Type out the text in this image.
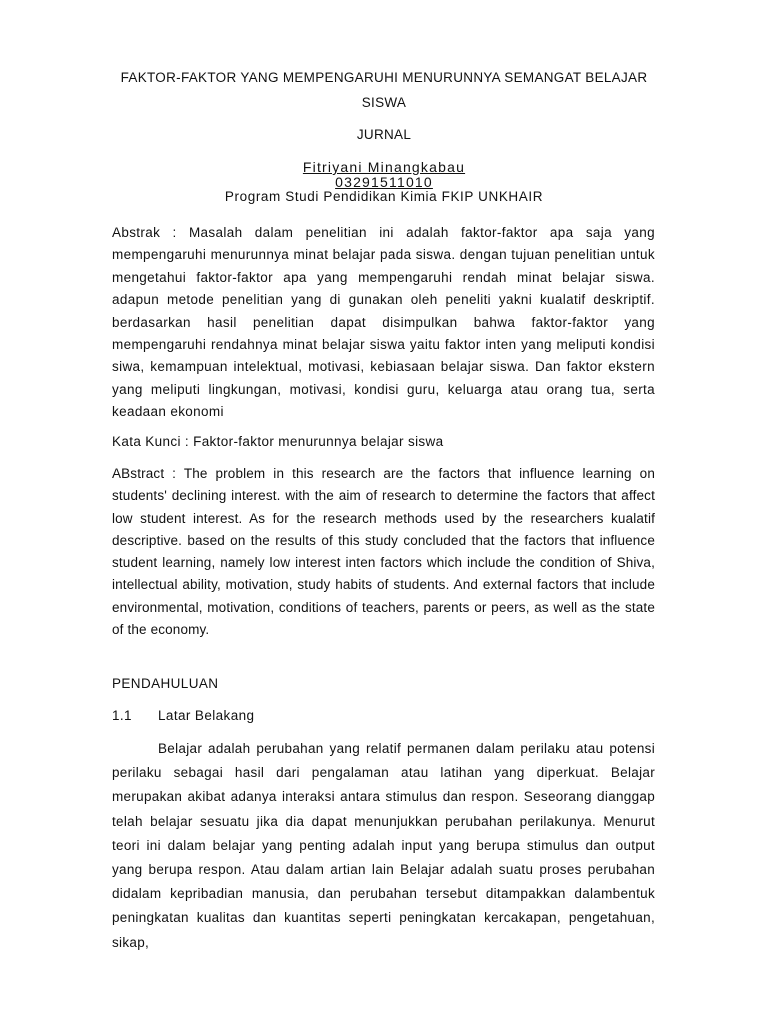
FAKTOR-FAKTOR YANG MEMPENGARUHI MENURUNNYA SEMANGAT BELAJAR
SISWA
JURNAL
Fitriyani Minangkabau
03291511010
Program Studi Pendidikan Kimia FKIP UNKHAIR

Abstrak : Masalah dalam penelitian ini adalah faktor-faktor apa saja yang mempengaruhi menurunnya minat belajar pada siswa. dengan tujuan penelitian untuk mengetahui faktor-faktor apa yang mempengaruhi rendah minat belajar siswa. adapun metode penelitian yang di gunakan oleh peneliti yakni kualatif deskriptif. berdasarkan hasil penelitian dapat disimpulkan bahwa faktor-faktor yang mempengaruhi rendahnya minat belajar siswa yaitu faktor inten yang meliputi kondisi siwa, kemampuan intelektual, motivasi, kebiasaan belajar siswa. Dan faktor ekstern yang meliputi lingkungan, motivasi, kondisi guru, keluarga atau orang tua, serta keadaan ekonomi

Kata Kunci : Faktor-faktor menurunnya belajar siswa

ABstract : The problem in this research are the factors that influence learning on students' declining interest. with the aim of research to determine the factors that affect low student interest. As for the research methods used by the researchers kualatif descriptive. based on the results of this study concluded that the factors that influence student learning, namely low interest inten factors which include the condition of Shiva, intellectual ability, motivation, study habits of students. And external factors that include environmental, motivation, conditions of teachers, parents or peers, as well as the state of the economy.

PENDAHULUAN
1.1 Latar Belakang

Belajar adalah perubahan yang relatif permanen dalam perilaku atau potensi perilaku sebagai hasil dari pengalaman atau latihan yang diperkuat. Belajar merupakan akibat adanya interaksi antara stimulus dan respon. Seseorang dianggap telah belajar sesuatu jika dia dapat menunjukkan perubahan perilakunya. Menurut teori ini dalam belajar yang penting adalah input yang berupa stimulus dan output yang berupa respon. Atau dalam artian lain Belajar adalah suatu proses perubahan didalam kepribadian manusia, dan perubahan tersebut ditampakkan dalambentuk peningkatan kualitas dan kuantitas seperti peningkatan kercakapan, pengetahuan, sikap,
